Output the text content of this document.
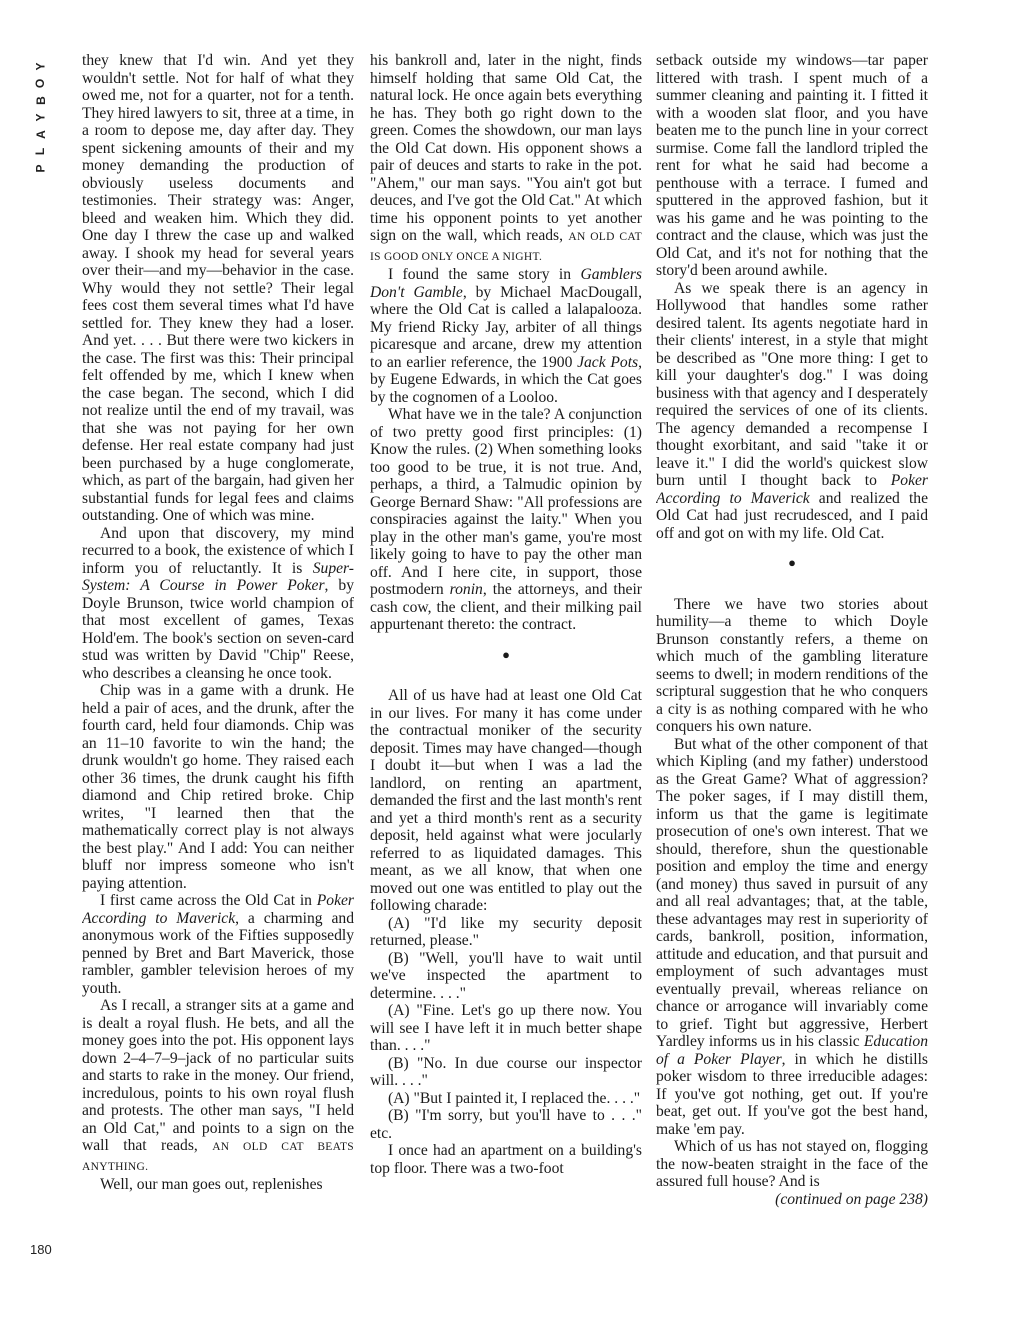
Y
O
B
Y
A
L
P
180

they knew that I'd win. And yet they wouldn't settle. Not for half of what they owed me, not for a quarter, not for a tenth. They hired lawyers to sit, three at a time, in a room to depose me, day after day. They spent sickening amounts of their and my money demanding the production of obviously useless documents and testimonies. Their strategy was: Anger, bleed and weaken him. Which they did. One day I threw the case up and walked away. I shook my head for several years over their—and my—behavior in the case. Why would they not settle? Their legal fees cost them several times what I'd have settled for. They knew they had a loser. And yet. . . . But there were two kickers in the case. The first was this: Their principal felt offended by me, which I knew when the case began. The second, which I did not realize until the end of my travail, was that she was not paying for her own defense. Her real estate company had just been purchased by a huge conglomerate, which, as part of the bargain, had given her substantial funds for legal fees and claims outstanding. One of which was mine.

And upon that discovery, my mind recurred to a book, the existence of which I inform you of reluctantly. It is Super-System: A Course in Power Poker, by Doyle Brunson, twice world champion of that most excellent of games, Texas Hold'em. The book's section on seven-card stud was written by David "Chip" Reese, who describes a cleansing he once took.

Chip was in a game with a drunk. He held a pair of aces, and the drunk, after the fourth card, held four diamonds. Chip was an 11–10 favorite to win the hand; the drunk wouldn't go home. They raised each other 36 times, the drunk caught his fifth diamond and Chip retired broke. Chip writes, "I learned then that the mathematically correct play is not always the best play." And I add: You can neither bluff nor impress someone who isn't paying attention.

I first came across the Old Cat in Poker According to Maverick, a charming and anonymous work of the Fifties supposedly penned by Bret and Bart Maverick, those rambler, gambler television heroes of my youth.

As I recall, a stranger sits at a game and is dealt a royal flush. He bets, and all the money goes into the pot. His opponent lays down 2–4–7–9–jack of no particular suits and starts to rake in the money. Our friend, incredulous, points to his own royal flush and protests. The other man says, "I held an Old Cat," and points to a sign on the wall that reads, AN OLD CAT BEATS ANYTHING.

Well, our man goes out, replenishes

his bankroll and, later in the night, finds himself holding that same Old Cat, the natural lock. He once again bets everything he has. They both go right down to the green. Comes the showdown, our man lays the Old Cat down. His opponent shows a pair of deuces and starts to rake in the pot. "Ahem," our man says. "You ain't got but deuces, and I've got the Old Cat." At which time his opponent points to yet another sign on the wall, which reads, AN OLD CAT IS GOOD ONLY ONCE A NIGHT.

I found the same story in Gamblers Don't Gamble, by Michael MacDougall, where the Old Cat is called a lalapalooza. My friend Ricky Jay, arbiter of all things picaresque and arcane, drew my attention to an earlier reference, the 1900 Jack Pots, by Eugene Edwards, in which the Cat goes by the cognomen of a Looloo.

What have we in the tale? A conjunction of two pretty good first principles: (1) Know the rules. (2) When something looks too good to be true, it is not true. And, perhaps, a third, a Talmudic opinion by George Bernard Shaw: "All professions are conspiracies against the laity." When you play in the other man's game, you're most likely going to have to pay the other man off. And I here cite, in support, those postmodern ronin, the attorneys, and their cash cow, the client, and their milking pail appurtenant thereto: the contract.

●

All of us have had at least one Old Cat in our lives. For many it has come under the contractual moniker of the security deposit. Times may have changed—though I doubt it—but when I was a lad the landlord, on renting an apartment, demanded the first and the last month's rent and yet a third month's rent as a security deposit, held against what were jocularly referred to as liquidated damages. This meant, as we all know, that when one moved out one was entitled to play out the following charade:

(A) "I'd like my security deposit returned, please."

(B) "Well, you'll have to wait until we've inspected the apartment to determine. . . ."

(A) "Fine. Let's go up there now. You will see I have left it in much better shape than. . . ."

(B) "No. In due course our inspector will. . . ."

(A) "But I painted it, I replaced the. . . ."

(B) "I'm sorry, but you'll have to . . ." etc.

I once had an apartment on a building's top floor. There was a two-foot

setback outside my windows—tar paper littered with trash. I spent much of a summer cleaning and painting it. I fitted it with a wooden slat floor, and you have beaten me to the punch line in your correct surmise. Come fall the landlord tripled the rent for what he said had become a penthouse with a terrace. I fumed and sputtered in the approved fashion, but it was his game and he was pointing to the contract and the clause, which was just the Old Cat, and it's not for nothing that the story'd been around awhile.

As we speak there is an agency in Hollywood that handles some rather desired talent. Its agents negotiate hard in their clients' interest, in a style that might be described as "One more thing: I get to kill your daughter's dog." I was doing business with that agency and I desperately required the services of one of its clients. The agency demanded a recompense I thought exorbitant, and said "take it or leave it." I did the world's quickest slow burn until I thought back to Poker According to Maverick and realized the Old Cat had just recrudesced, and I paid off and got on with my life. Old Cat.

●

There we have two stories about humility—a theme to which Doyle Brunson constantly refers, a theme on which much of the gambling literature seems to dwell; in modern renditions of the scriptural suggestion that he who conquers a city is as nothing compared with he who conquers his own nature.

But what of the other component of that which Kipling (and my father) understood as the Great Game? What of aggression? The poker sages, if I may distill them, inform us that the game is legitimate prosecution of one's own interest. That we should, therefore, shun the questionable position and employ the time and energy (and money) thus saved in pursuit of any and all real advantages; that, at the table, these advantages may rest in superiority of cards, bankroll, position, information, attitude and education, and that pursuit and employment of such advantages must eventually prevail, whereas reliance on chance or arrogance will invariably come to grief. Tight but aggressive, Herbert Yardley informs us in his classic Education of a Poker Player, in which he distills poker wisdom to three irreducible adages: If you've got nothing, get out. If you're beat, get out. If you've got the best hand, make 'em pay.

Which of us has not stayed on, flogging the now-beaten straight in the face of the assured full house? And is

(continued on page 238)
